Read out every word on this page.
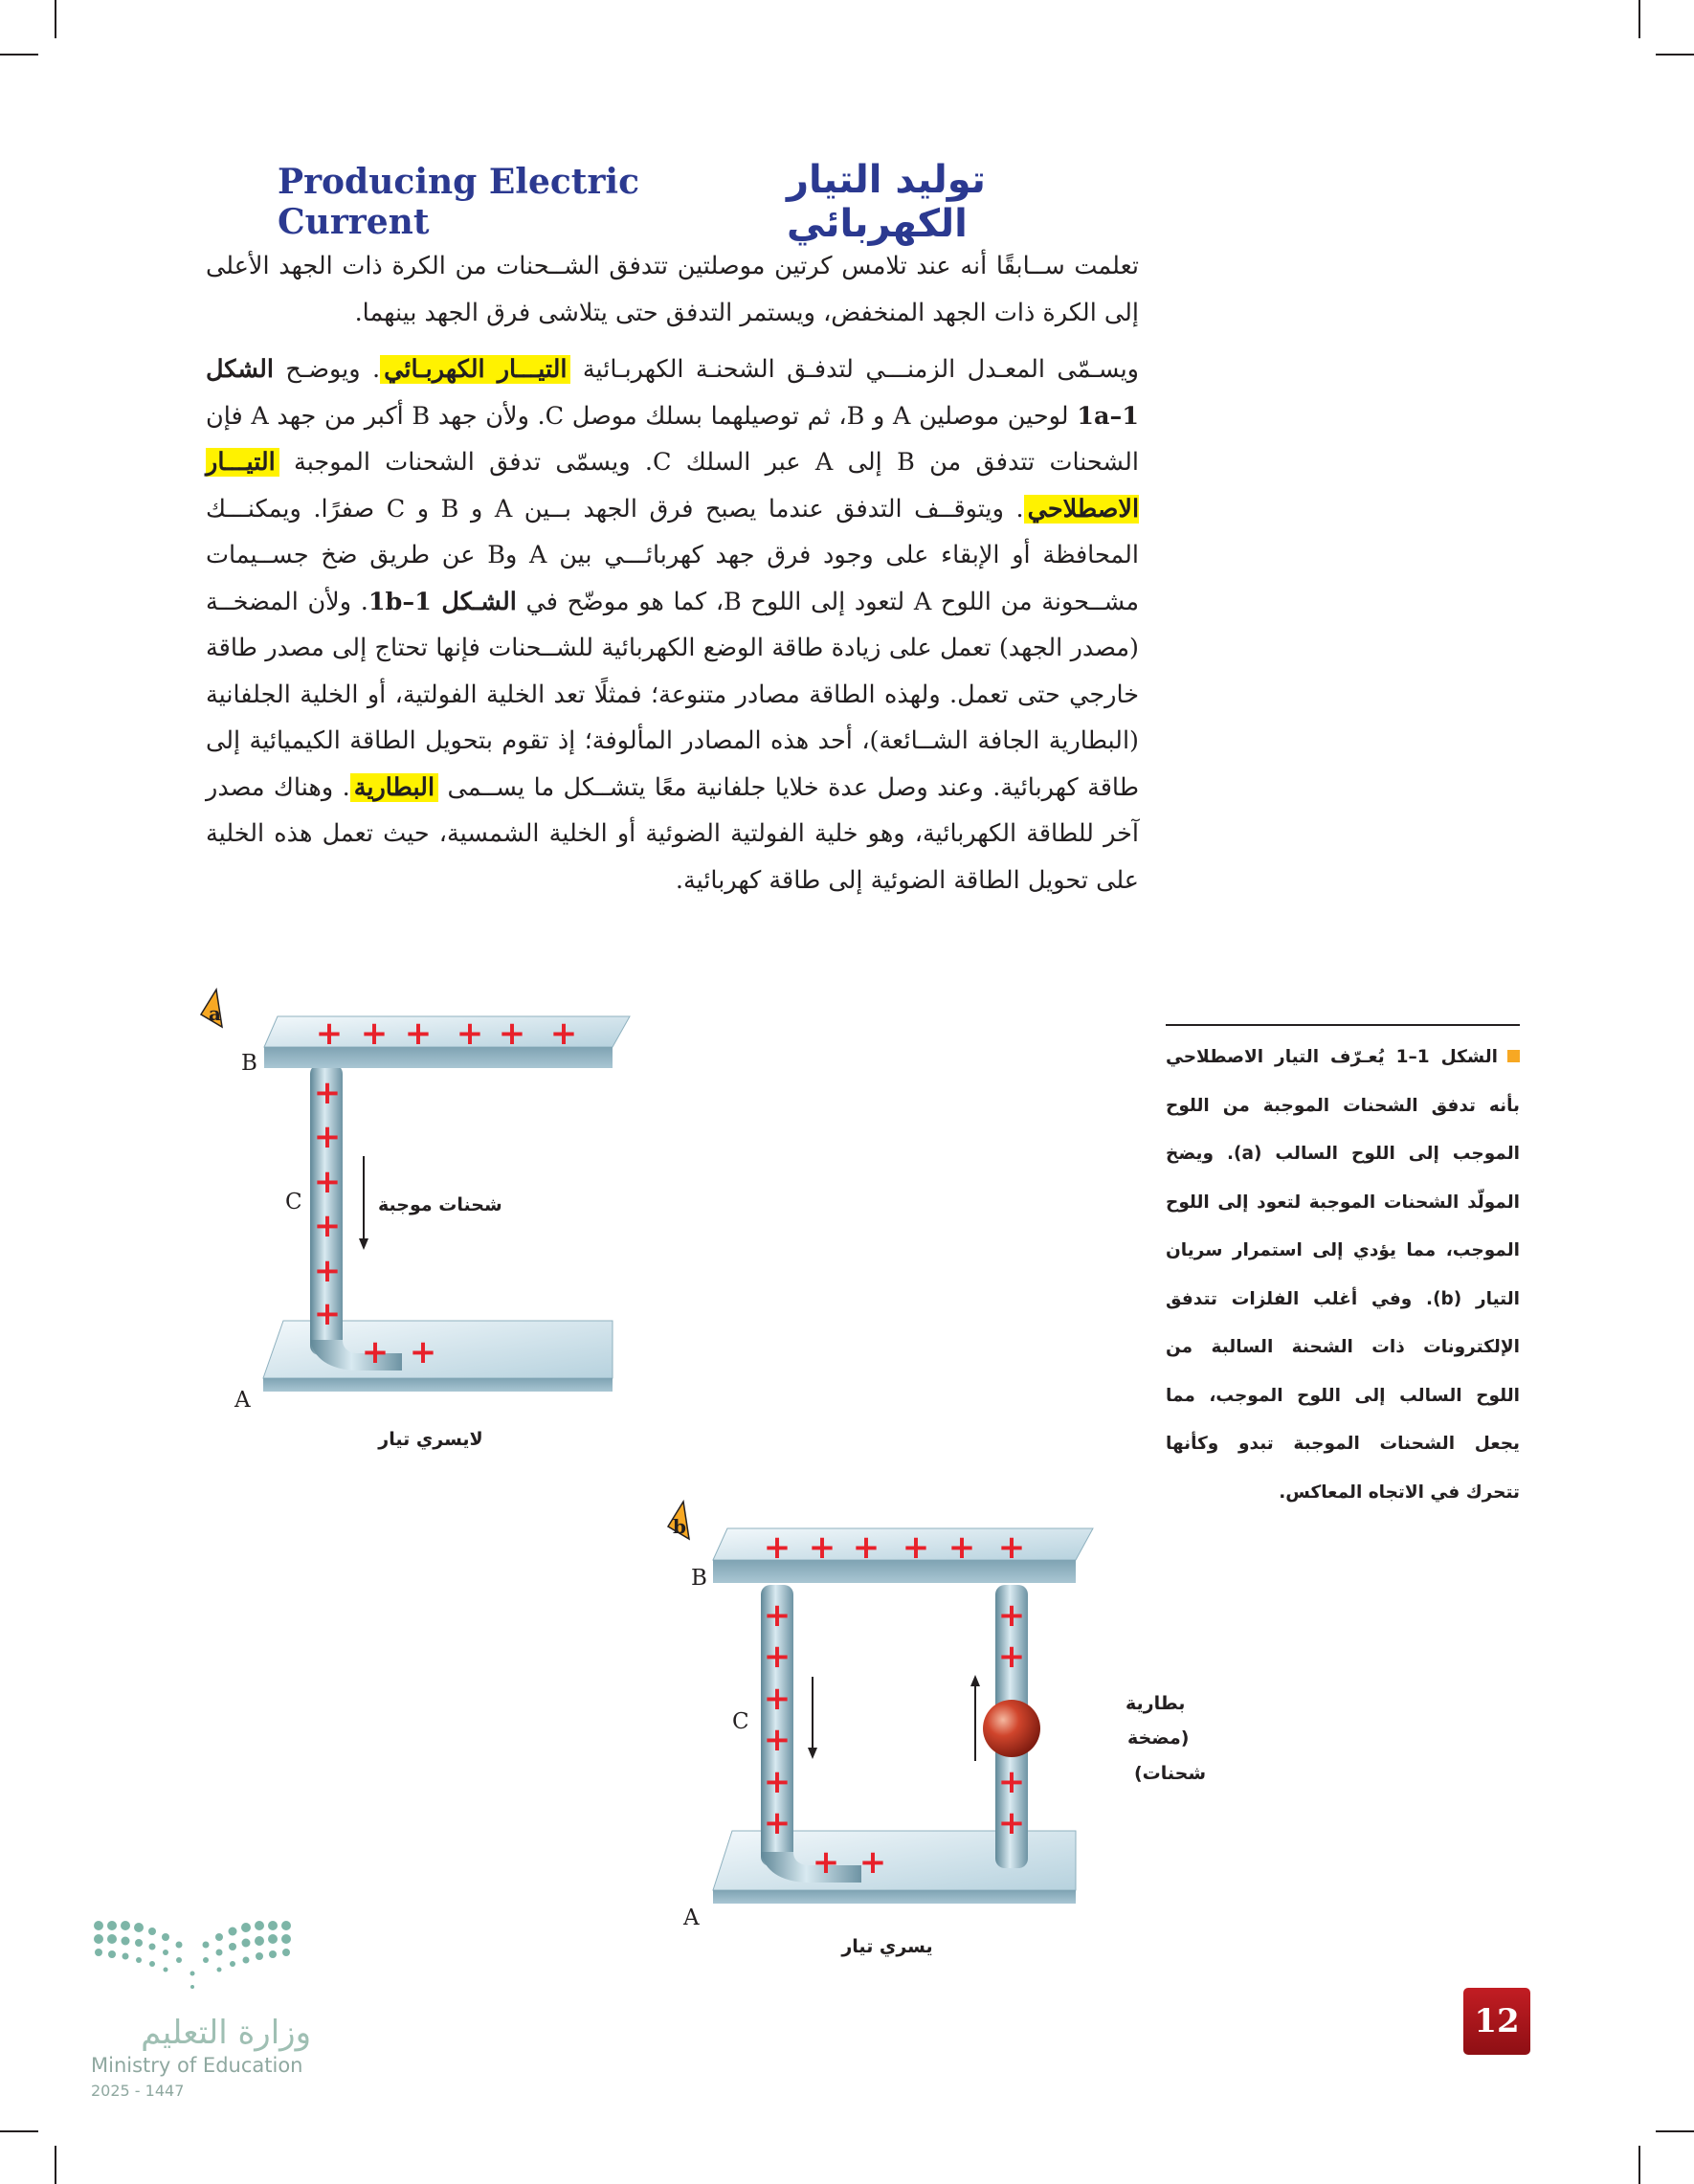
توليد التيار الكهربائي
Producing Electric Current

تعلمت ســابقًا أنه عند تلامس كرتين موصلتين تتدفق الشــحنات من الكرة ذات الجهد الأعلى إلى الكرة ذات الجهد المنخفض، ويستمر التدفق حتى يتلاشى فرق الجهد بينهما.

ويسـمّى المعـدل الزمنـــي لتدفـق الشحنـة الكهربـائية التيـــار الكهربـائي. ويوضـح الشكل 1a–1 لوحين موصلين A و B، ثم توصيلهما بسلك موصل C. ولأن جهد B أكبر من جهد A فإن الشحنات تتدفق من B إلى A عبر السلك C. ويسمّى تدفق الشحنات الموجبة التيـــار الاصطلاحي. ويتوقــف التدفق عندما يصبح فرق الجهد بــين A و B و C صفرًا. ويمكنـــك المحافظة أو الإبقاء على وجود فرق جهد كهربائـــي بين A وB عن طريق ضخ جســيمات مشــحونة من اللوح A لتعود إلى اللوح B، كما هو موضّح في الشـكل 1b–1. ولأن المضخــة (مصدر الجهد) تعمل على زيادة طاقة الوضع الكهربائية للشــحنات فإنها تحتاج إلى مصدر طاقة خارجي حتى تعمل. ولهذه الطاقة مصادر متنوعة؛ فمثلًا تعد الخلية الفولتية، أو الخلية الجلفانية (البطارية الجافة الشــائعة)، أحد هذه المصادر المألوفة؛ إذ تقوم بتحويل الطاقة الكيميائية إلى طاقة كهربائية. وعند وصل عدة خلايا جلفانية معًا يتشــكل ما يســمى البطارية. وهناك مصدر آخر للطاقة الكهربائية، وهو خلية الفولتية الضوئية أو الخلية الشمسية، حيث تعمل هذه الخلية على تحويل الطاقة الضوئية إلى طاقة كهربائية.

الشكل 1–1 يُعـرّف التيار الاصطلاحي بأنه تدفق الشحنات الموجبة من اللوح الموجب إلى اللوح السالب (a). ويضخ المولّد الشحنات الموجبة لتعود إلى اللوح الموجب، مما يؤدي إلى استمرار سريان التيار (b). وفي أغلب الفلزات تتدفق الإلكترونات ذات الشحنة السالبة من اللوح السالب إلى اللوح الموجب، مما يجعل الشحنات الموجبة تبدو وكأنها تتحرك في الاتجاه المعاكس.

a
+ + + + + +
+
+
+
+
+
+
+ +
شحنات موجبة
B
C
A
لايسري تيار
b
+ + + + + +
+
+
+
+
+
+
+
+
+
+
+ +
بطارية
(مضخة
شحنات)
B
C
A
يسري تيار
وزارة التعليم
Ministry of Education
2025 - 1447
12
